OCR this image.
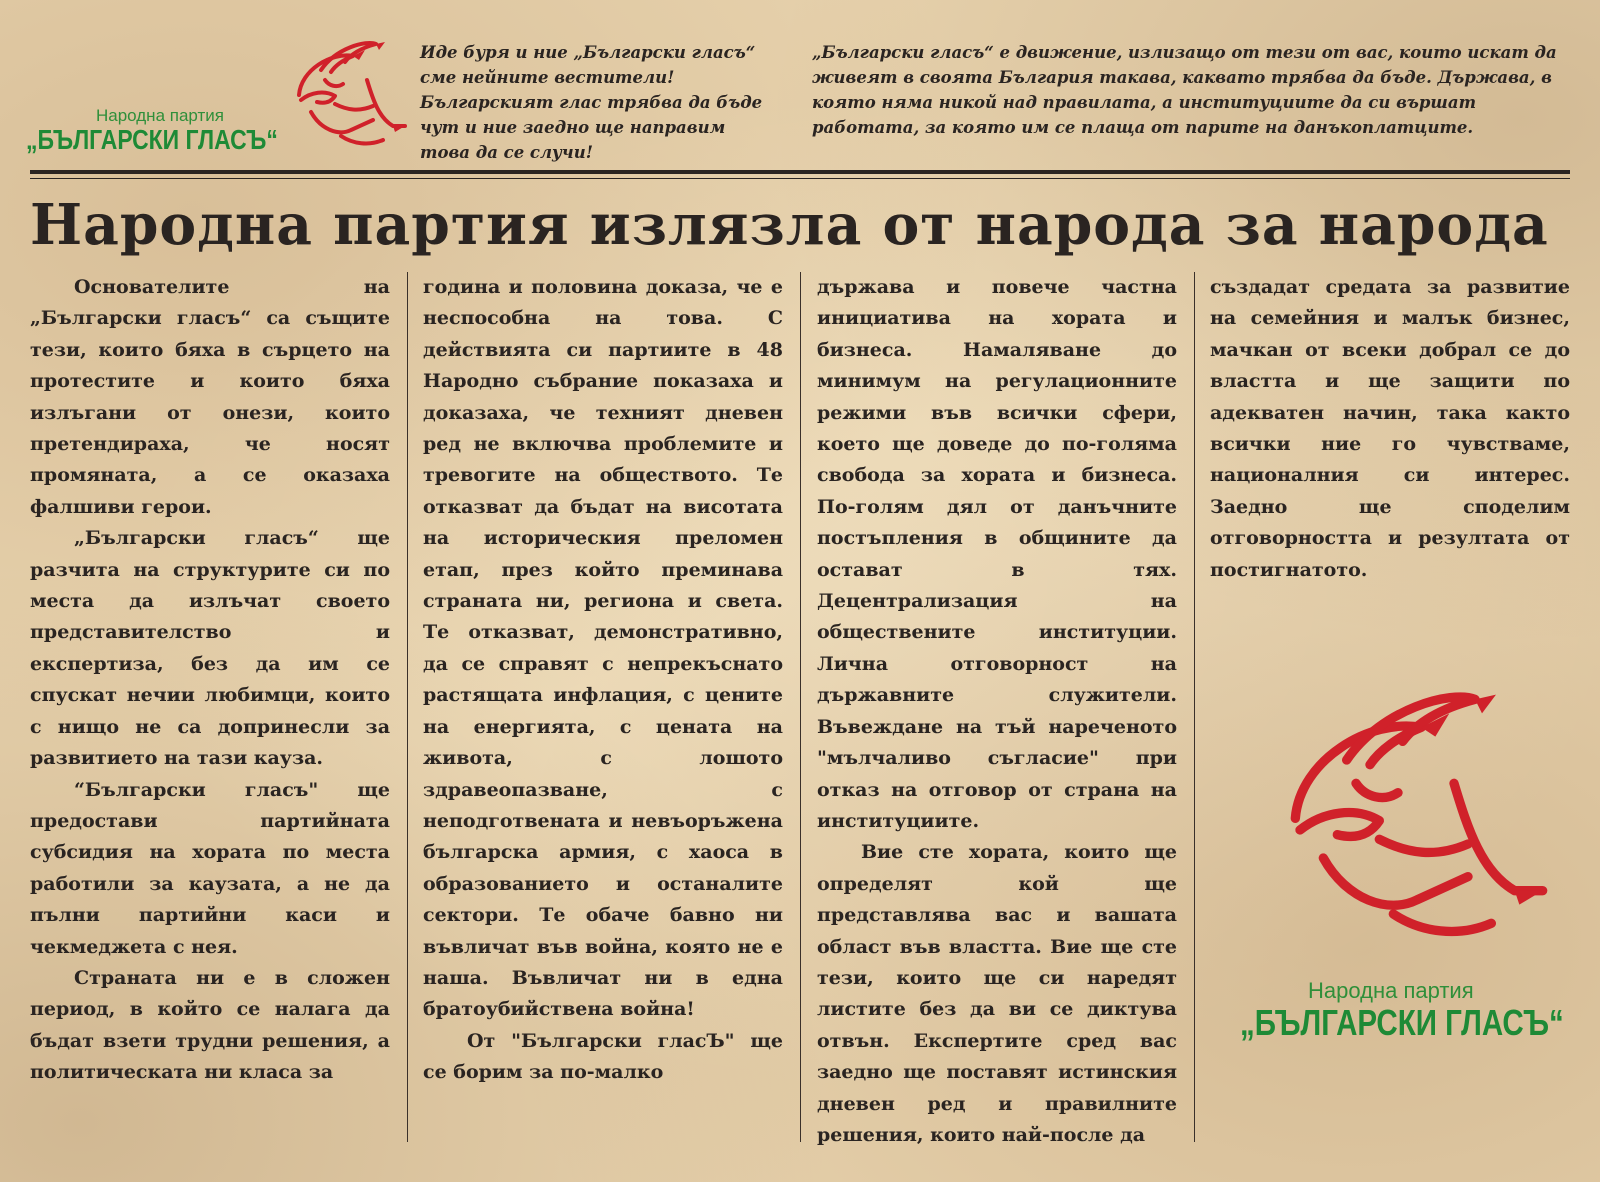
Народна партия
„БЪЛГАРСКИ ГЛАСЪ“
Иде буря и ние „Български гласъ“
сме нейните вестители!
Българският глас трябва да бъде
чут и ние заедно ще направим
това да се случи!
„Български гласъ“ е движение, излизащо от тези от вас, които искат да живеят в своята България такава, каквато трябва да бъде. Държава, в която няма никой над правилата, а институциите да си вършат работата, за която им се плаща от парите на данъкоплатците.
Народна партия излязла от народа за народа

Основателите на „Български гласъ“ са същите тези, които бяха в сърцето на протестите и които бяха излъгани от онези, които претендираха, че носят промяната, а се оказаха фалшиви герои.

„Български гласъ“ ще разчита на структурите си по места да излъчат своето представителство и експертиза, без да им се спускат нечии любимци, които с нищо не са допринесли за развитието на тази кауза.

“Български гласъ" ще предостави партийната субсидия на хората по места работили за каузата, а не да пълни партийни каси и чекмеджета с нея.

Страната ни е в сложен период, в който се налага да бъдат взети трудни решения, а политическата ни класа за

година и половина доказа, че е неспособна на това. С действията си партиите в 48 Народно събрание показаха и доказаха, че техният дневен ред не включва проблемите и тревогите на обществото. Те отказват да бъдат на висотата на историческия преломен етап, през който преминава страната ни, региона и света. Те отказват, демонстративно, да се справят с непрекъснато растящата инфлация, с цените на енергията, с цената на живота, с лошото здравеопазване, с неподготвената и невъоръжена българска армия, с хаоса в образованието и останалите сектори. Те обаче бавно ни въвличат във война, която не е наша. Въвличат ни в една братоубийствена война!

От "Български гласЪ" ще се борим за по-малко

държава и повече частна инициатива на хората и бизнеса. Намаляване до минимум на регулационните режими във всички сфери, което ще доведе до по-голяма свобода за хората и бизнеса. По-голям дял от данъчните постъпления в общините да остават в тях. Децентрализация на обществените институции. Лична отговорност на държавните служители. Въвеждане на тъй нареченото "мълчаливо съгласие" при отказ на отговор от страна на институциите.

Вие сте хората, които ще определят кой ще представлява вас и вашата област във властта. Вие ще сте тези, които ще си наредят листите без да ви се диктува отвън. Експертите сред вас заедно ще поставят истинския дневен ред и правилните решения, които най-после да

създадат средата за развитие на семейния и малък бизнес, мачкан от всеки добрал се до властта и ще защити по адекватен начин, така както всички ние го чувстваме, националния си интерес. Заедно ще споделим отговорността и резултата от постигнатото.

Народна партия
„БЪЛГАРСКИ ГЛАСЪ“
